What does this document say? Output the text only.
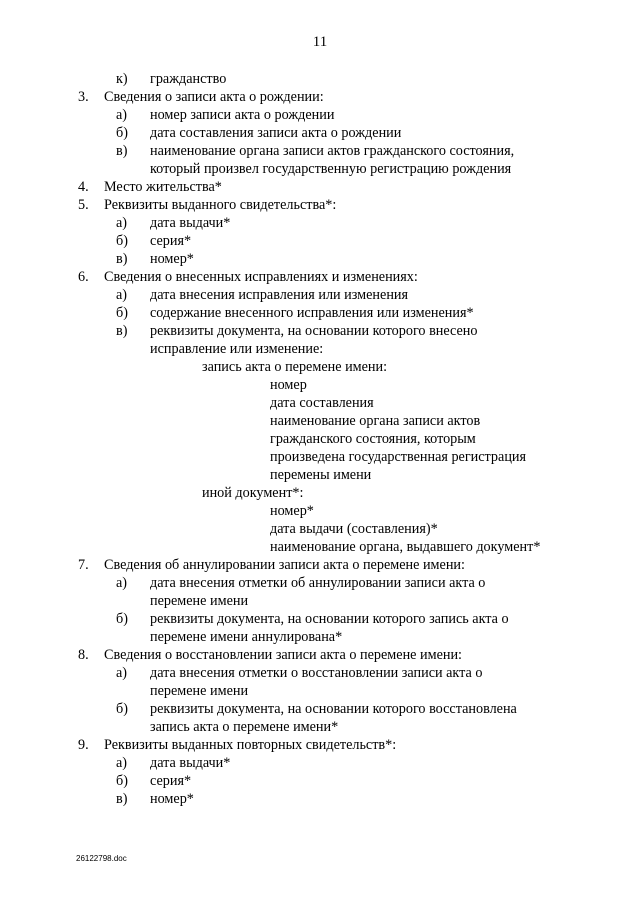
11
к) гражданство
3. Сведения о записи акта о рождении:
а) номер записи акта о рождении
б) дата составления записи акта о рождении
в) наименование органа записи актов гражданского состояния,
который произвел государственную регистрацию рождения
4. Место жительства*
5. Реквизиты выданного свидетельства*:
а) дата выдачи*
б) серия*
в) номер*
6. Сведения о внесенных исправлениях и изменениях:
а) дата внесения исправления или изменения
б) содержание внесенного исправления или изменения*
в) реквизиты документа, на основании которого внесено
исправление или изменение:
запись акта о перемене имени:
номер
дата составления
наименование органа записи актов
гражданского состояния, которым
произведена государственная регистрация
перемены имени
иной документ*:
номер*
дата выдачи (составления)*
наименование органа, выдавшего документ*
7. Сведения об аннулировании записи акта о перемене имени:
а) дата внесения отметки об аннулировании записи акта о
перемене имени
б) реквизиты документа, на основании которого запись акта о
перемене имени аннулирована*
8. Сведения о восстановлении записи акта о перемене имени:
а) дата внесения отметки о восстановлении записи акта о
перемене имени
б) реквизиты документа, на основании которого восстановлена
запись акта о перемене имени*
9. Реквизиты выданных повторных свидетельств*:
а) дата выдачи*
б) серия*
в) номер*
26122798.doc
